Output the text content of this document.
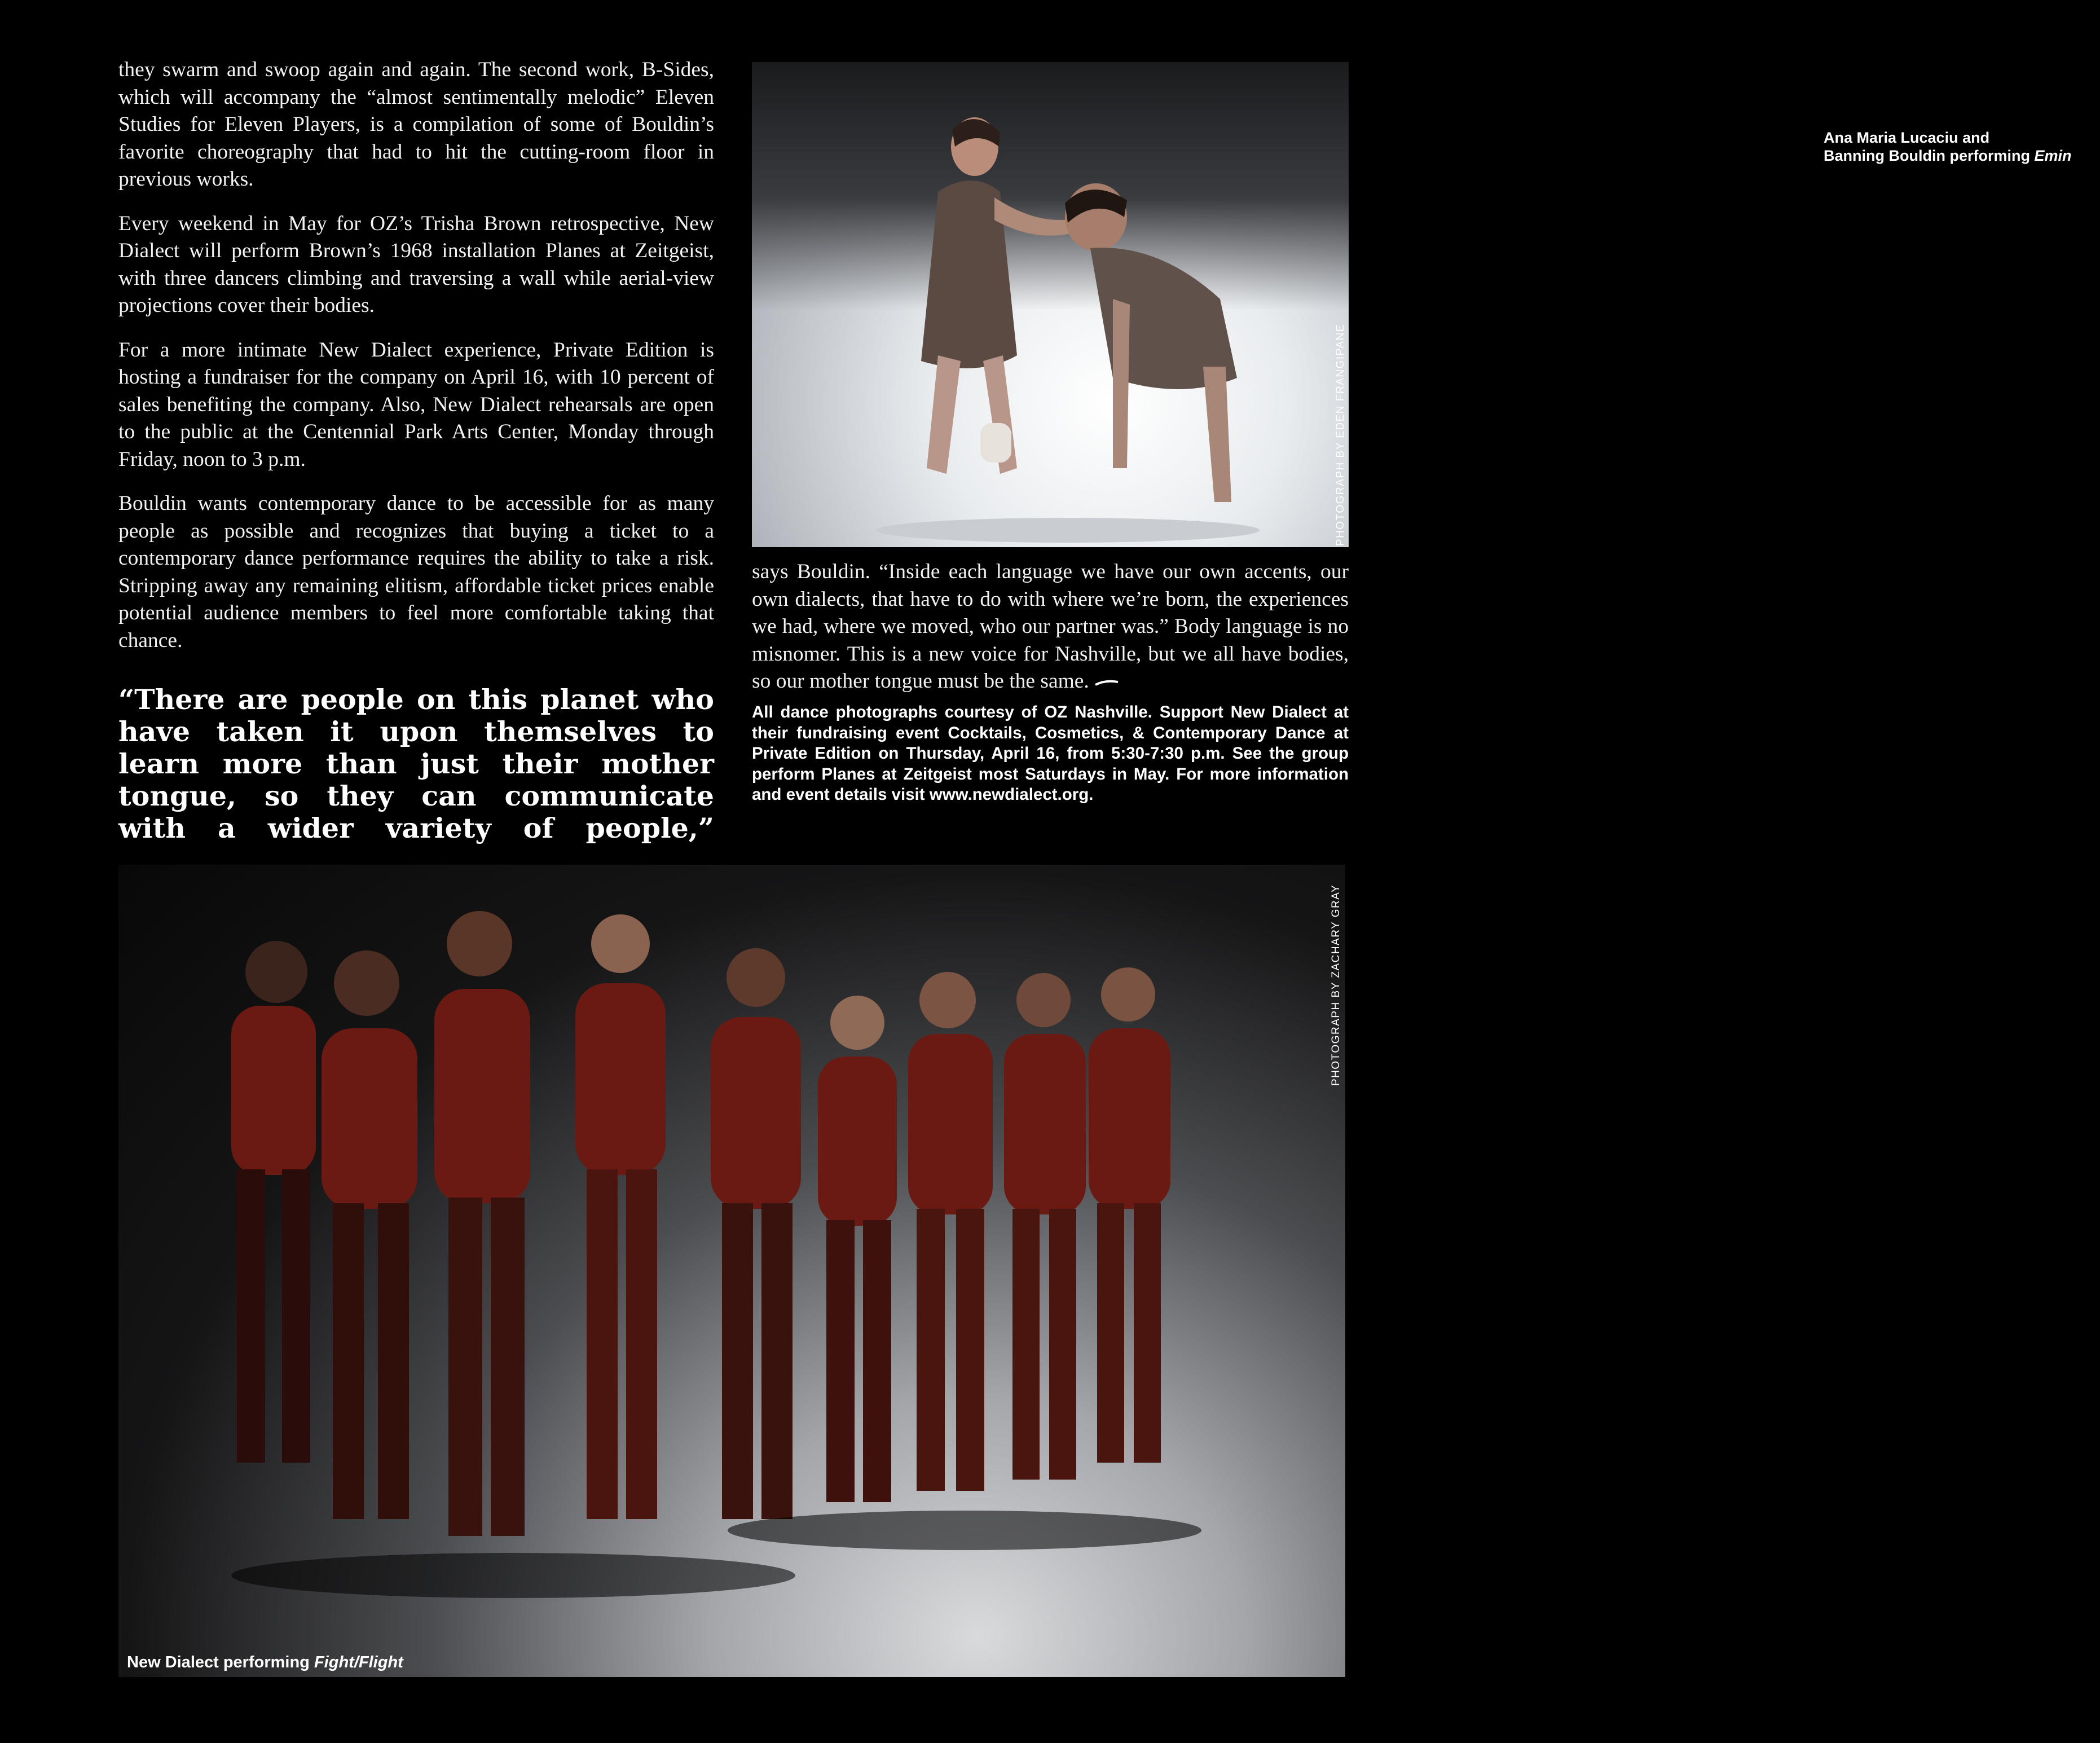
they swarm and swoop again and again. The second work, B-Sides, which will accompany the “almost sentimentally melodic” Eleven Studies for Eleven Players, is a compilation of some of Bouldin’s favorite choreography that had to hit the cutting-room floor in previous works.

Every weekend in May for OZ’s Trisha Brown retrospective, New Dialect will perform Brown’s 1968 installation Planes at Zeitgeist, with three dancers climbing and traversing a wall while aerial-view projections cover their bodies.

For a more intimate New Dialect experience, Private Edition is hosting a fundraiser for the company on April 16, with 10 percent of sales benefiting the company. Also, New Dialect rehearsals are open to the public at the Centennial Park Arts Center, Monday through Friday, noon to 3 p.m.

Bouldin wants contemporary dance to be accessible for as many people as possible and recognizes that buying a ticket to a contemporary dance performance requires the ability to take a risk. Stripping away any remaining elitism, affordable ticket prices enable potential audience members to feel more comfortable taking that chance.

“There are people on this planet who have taken it upon themselves to learn more than just their mother tongue, so they can communicate with a wider variety of people,”

Ana Maria Lucaciu and
Banning Bouldin performing Emin
PHOTOGRAPH BY EDEN FRANGIPANE
says Bouldin. “Inside each language we have our own accents, our own dialects, that have to do with where we’re born, the experiences we had, where we moved, who our partner was.” Body language is no misnomer. This is a new voice for Nashville, but we all have bodies, so our mother tongue must be the same.
All dance photographs courtesy of OZ Nashville. Support New Dialect at their fundraising event Cocktails, Cosmetics, & Contemporary Dance at Private Edition on Thursday, April 16, from 5:30-7:30 p.m. See the group perform Planes at Zeitgeist most Saturdays in May. For more information and event details visit www.newdialect.org.
New Dialect performing Fight/Flight
PHOTOGRAPH BY ZACHARY GRAY
